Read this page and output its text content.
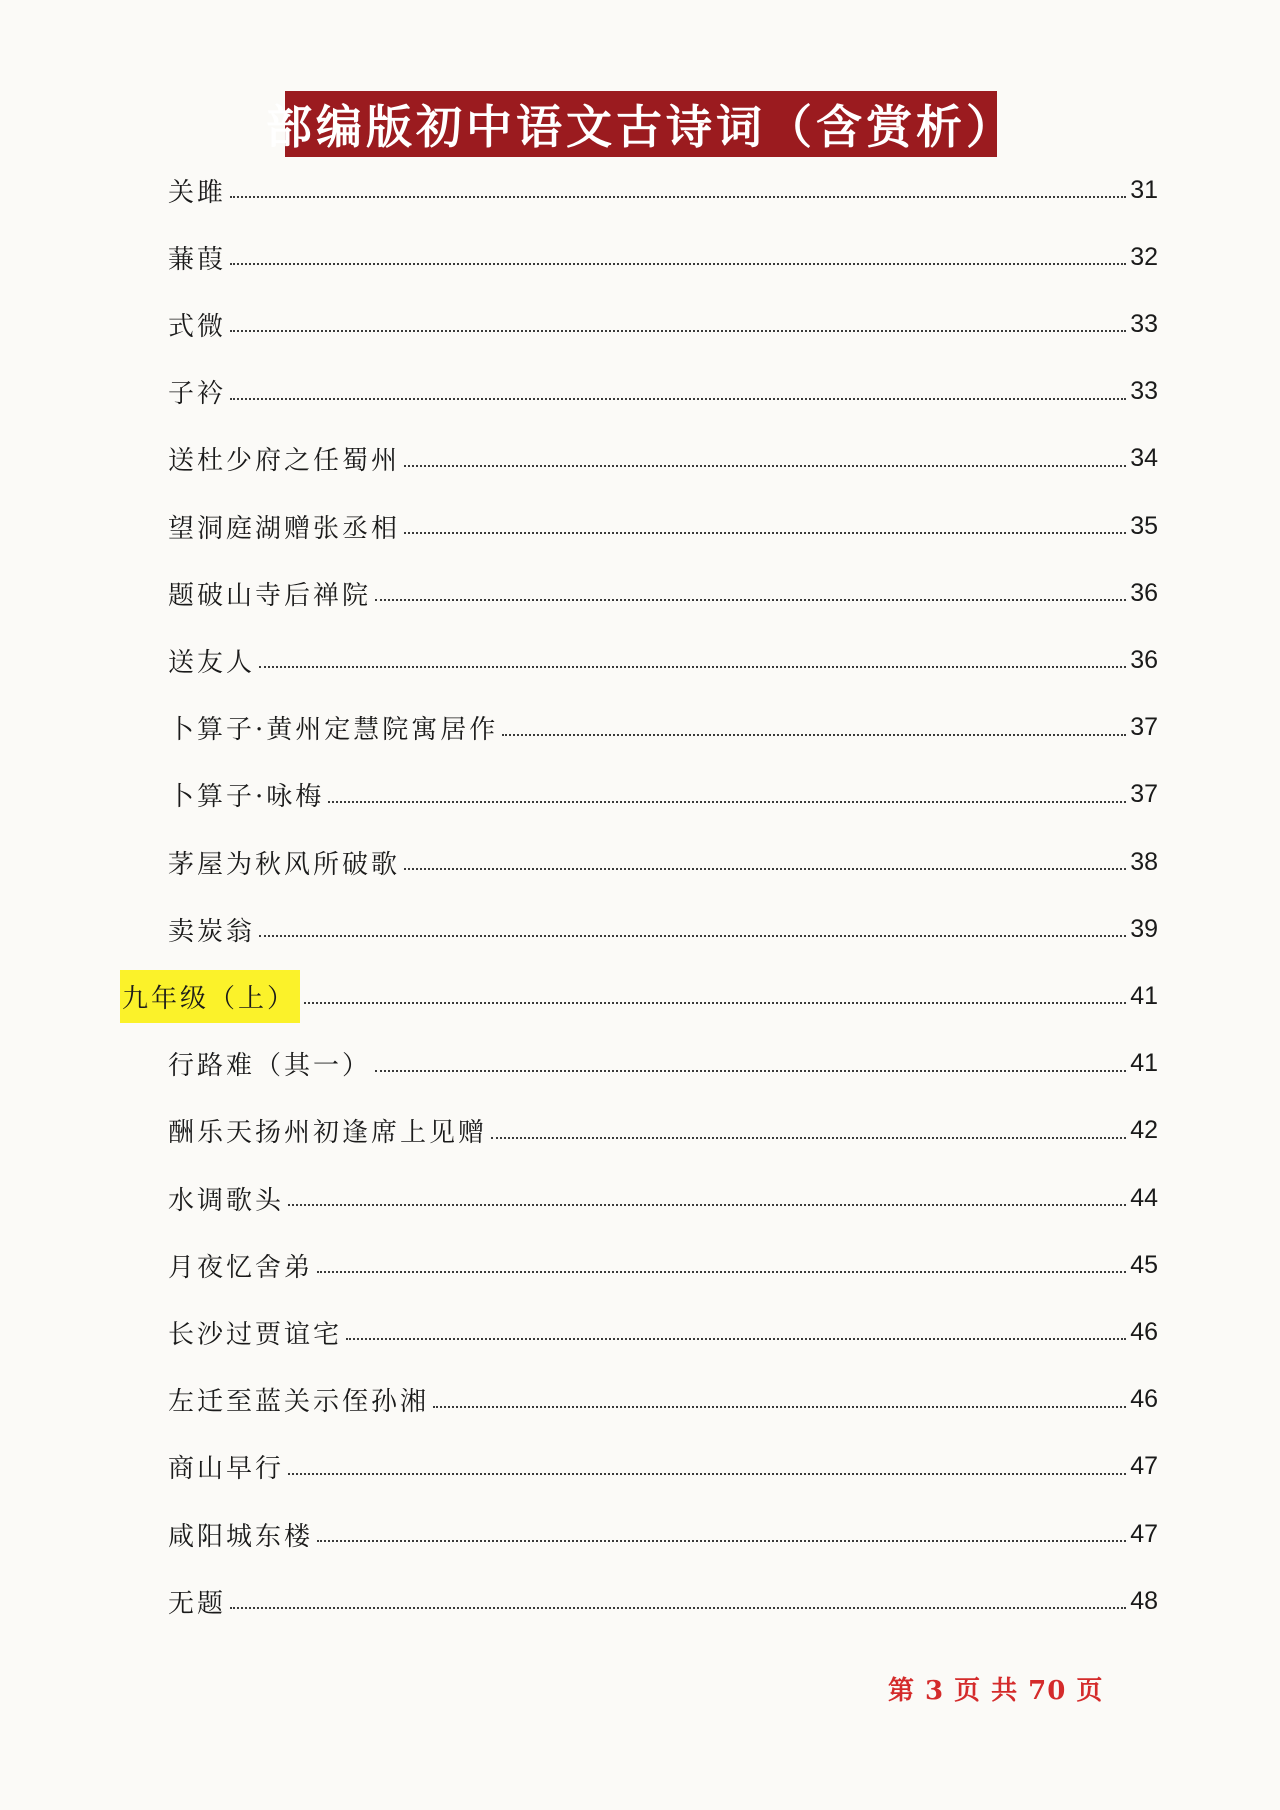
部编版初中语文古诗词（含赏析）
关雎	31
蒹葭	32
式微	33
子衿	33
送杜少府之任蜀州	34
望洞庭湖赠张丞相	35
题破山寺后禅院	36
送友人	36
卜算子·黄州定慧院寓居作	37
卜算子·咏梅	37
茅屋为秋风所破歌	38
卖炭翁	39
九年级（上）	41
行路难（其一）	41
酬乐天扬州初逢席上见赠	42
水调歌头	44
月夜忆舍弟	45
长沙过贾谊宅	46
左迁至蓝关示侄孙湘	46
商山早行	47
咸阳城东楼	47
无题	48
第 3 页 共 70 页
